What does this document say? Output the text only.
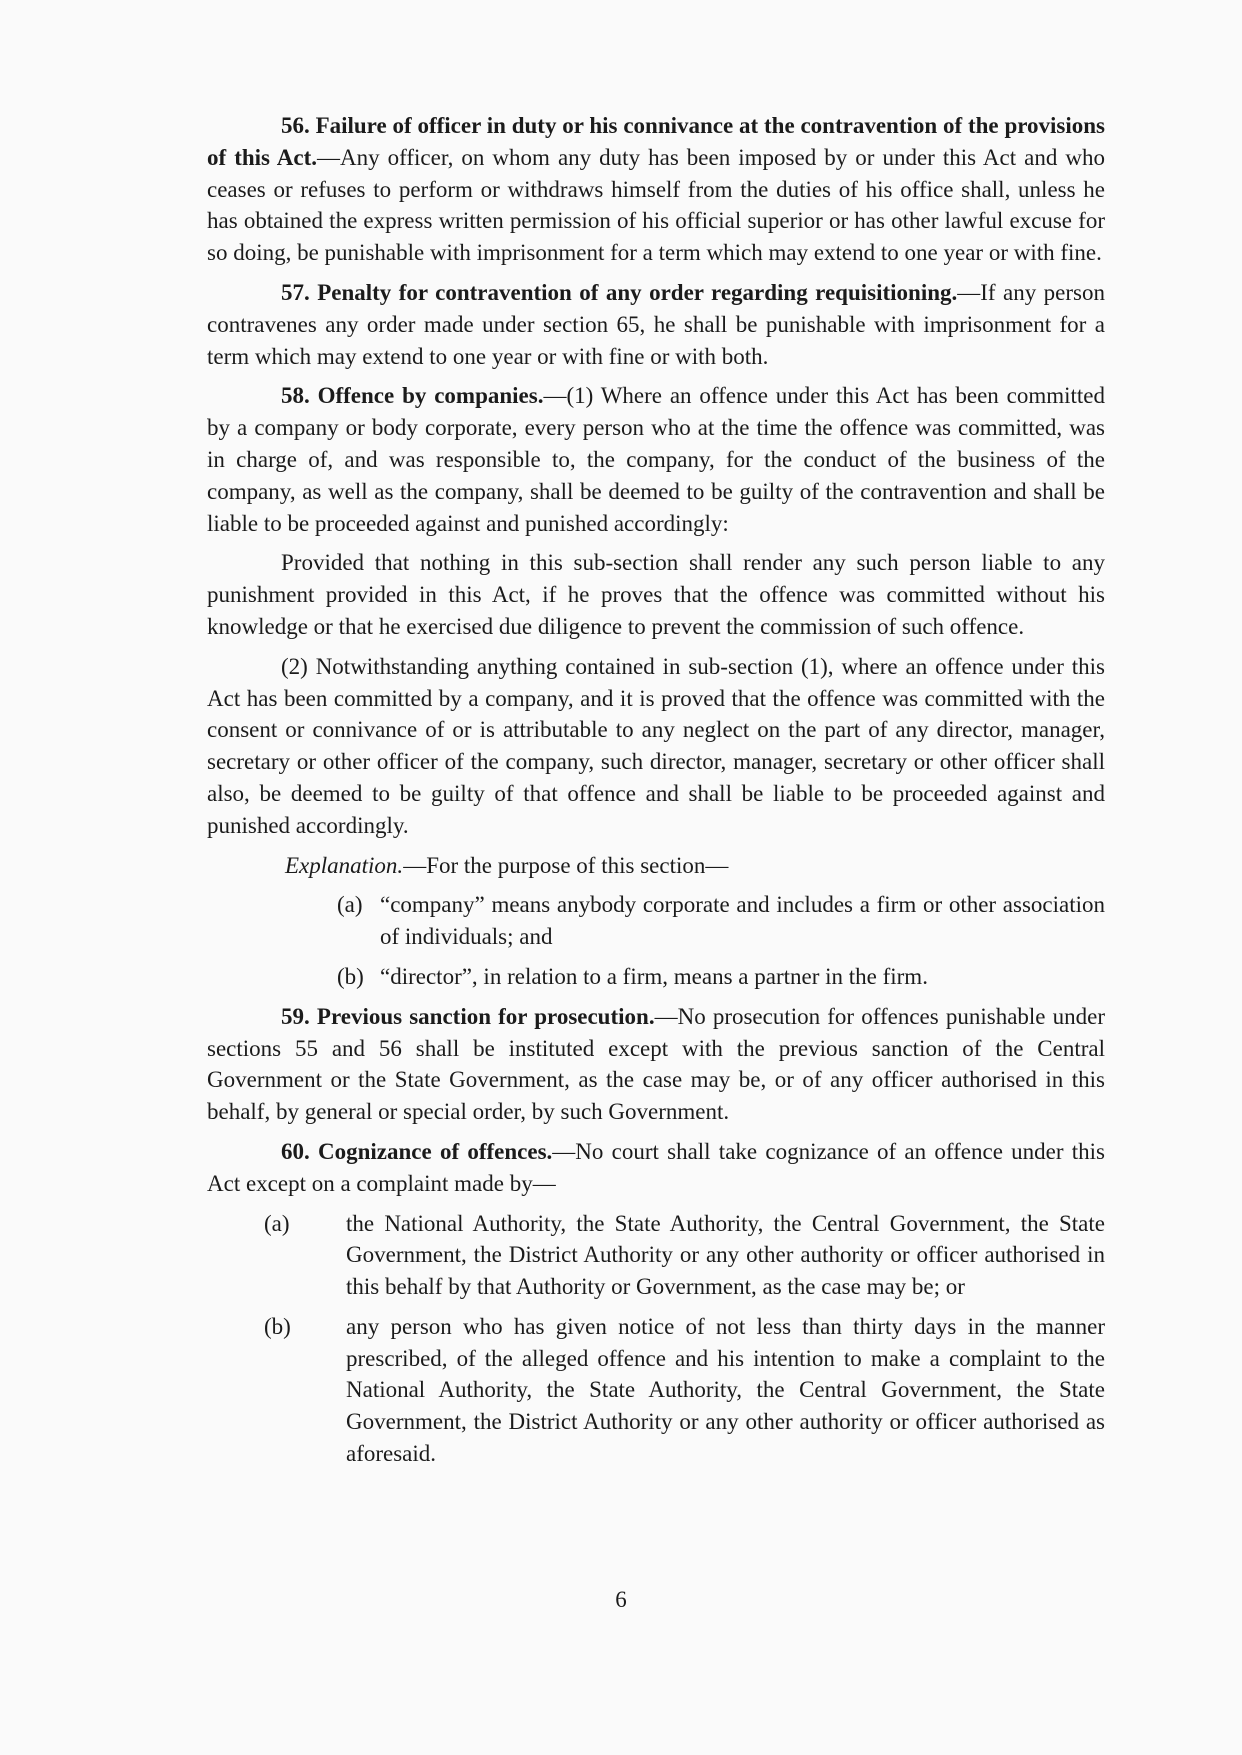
56. Failure of officer in duty or his connivance at the contravention of the provisions of this Act.—Any officer, on whom any duty has been imposed by or under this Act and who ceases or refuses to perform or withdraws himself from the duties of his office shall, unless he has obtained the express written permission of his official superior or has other lawful excuse for so doing, be punishable with imprisonment for a term which may extend to one year or with fine.

57. Penalty for contravention of any order regarding requisitioning.—If any person contravenes any order made under section 65, he shall be punishable with imprisonment for a term which may extend to one year or with fine or with both.

58. Offence by companies.—(1) Where an offence under this Act has been committed by a company or body corporate, every person who at the time the offence was committed, was in charge of, and was responsible to, the company, for the conduct of the business of the company, as well as the company, shall be deemed to be guilty of the contravention and shall be liable to be proceeded against and punished accordingly:

Provided that nothing in this sub-section shall render any such person liable to any punishment provided in this Act, if he proves that the offence was committed without his knowledge or that he exercised due diligence to prevent the commission of such offence.

(2) Notwithstanding anything contained in sub-section (1), where an offence under this Act has been committed by a company, and it is proved that the offence was committed with the consent or connivance of or is attributable to any neglect on the part of any director, manager, secretary or other officer of the company, such director, manager, secretary or other officer shall also, be deemed to be guilty of that offence and shall be liable to be proceeded against and punished accordingly.

Explanation.—For the purpose of this section—

(a) “company” means anybody corporate and includes a firm or other association of individuals; and
(b) “director”, in relation to a firm, means a partner in the firm.

59. Previous sanction for prosecution.—No prosecution for offences punishable under sections 55 and 56 shall be instituted except with the previous sanction of the Central Government or the State Government, as the case may be, or of any officer authorised in this behalf, by general or special order, by such Government.

60. Cognizance of offences.—No court shall take cognizance of an offence under this Act except on a complaint made by—

(a)	the National Authority, the State Authority, the Central Government, the State Government, the District Authority or any other authority or officer authorised in this behalf by that Authority or Government, as the case may be; or
(b)	any person who has given notice of not less than thirty days in the manner prescribed, of the alleged offence and his intention to make a complaint to the National Authority, the State Authority, the Central Government, the State Government, the District Authority or any other authority or officer authorised as aforesaid.
6
